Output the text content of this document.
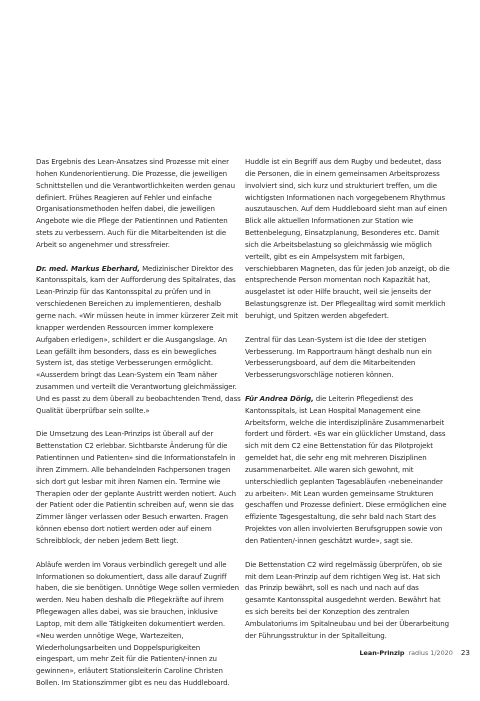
Das Ergebnis des Lean-Ansatzes sind Prozesse mit einer hohen Kundenorientierung. Die Prozesse, die jeweiligen Schnittstellen und die Verantwortlichkeiten werden genau definiert. Frühes Reagieren auf Fehler und einfache Organisationsmethoden helfen dabei, die jeweiligen Angebote wie die Pflege der Patientinnen und Patienten stets zu verbessern. Auch für die Mitarbeitenden ist die Arbeit so angenehmer und stressfreier.

Dr. med. Markus Eberhard, Medizinischer Direktor des Kantonsspitals, kam der Aufforderung des Spitalrates, das Lean-Prinzip für das Kantonsspital zu prüfen und in verschiedenen Bereichen zu implementieren, deshalb gerne nach. «Wir müssen heute in immer kürzerer Zeit mit knapper werdenden Ressourcen immer komplexere Aufgaben erledigen», schildert er die Ausgangslage. An Lean gefällt ihm besonders, dass es ein bewegliches System ist, das stetige Verbesserungen ermöglicht. «Ausserdem bringt das Lean-System ein Team näher zusammen und verteilt die Verantwortung gleichmässiger. Und es passt zu dem überall zu beobachtenden Trend, dass Qualität überprüfbar sein sollte.»

Die Umsetzung des Lean-Prinzips ist überall auf der Bettenstation C2 erlebbar. Sichtbarste Änderung für die Patientinnen und Patienten» sind die Informationstafeln in ihren Zimmern. Alle behandelnden Fachpersonen tragen sich dort gut lesbar mit ihren Namen ein. Termine wie Therapien oder der geplante Austritt werden notiert. Auch der Patient oder die Patientin schreiben auf, wenn sie das Zimmer länger verlassen oder Besuch erwarten. Fragen können ebenso dort notiert werden oder auf einem Schreibblock, der neben jedem Bett liegt.

Abläufe werden im Voraus verbindlich geregelt und alle Informationen so dokumentiert, dass alle darauf Zugriff haben, die sie benötigen. Unnötige Wege sollen vermieden werden. Neu haben deshalb die Pflegekräfte auf ihrem Pflegewagen alles dabei, was sie brauchen, inklusive Laptop, mit dem alle Tätigkeiten dokumentiert werden. «Neu werden unnötige Wege, Wartezeiten, Wiederholungsarbeiten und Doppelspurigkeiten eingespart, um mehr Zeit für die Patienten/-innen zu gewinnen», erläutert Stationsleiterin Caroline Christen Bollen. Im Stationszimmer gibt es neu das Huddleboard.

Huddle ist ein Begriff aus dem Rugby und bedeutet, dass die Personen, die in einem gemeinsamen Arbeitsprozess involviert sind, sich kurz und strukturiert treffen, um die wichtigsten Informationen nach vorgegebenem Rhythmus auszutauschen. Auf dem Huddleboard sieht man auf einen Blick alle aktuellen Informationen zur Station wie Bettenbelegung, Einsatzplanung, Besonderes etc. Damit sich die Arbeitsbelastung so gleichmässig wie möglich verteilt, gibt es ein Ampelsystem mit farbigen, verschiebbaren Magneten, das für jeden Job anzeigt, ob die entsprechende Person momentan noch Kapazität hat, ausgelastet ist oder Hilfe braucht, weil sie jenseits der Belastungsgrenze ist. Der Pflegealltag wird somit merklich beruhigt, und Spitzen werden abgefedert.

Zentral für das Lean-System ist die Idee der stetigen Verbesserung. Im Rapportraum hängt deshalb nun ein Verbesserungsboard, auf dem die Mitarbeitenden Verbesserungsvorschläge notieren können.

Für Andrea Dörig, die Leiterin Pflegedienst des Kantonsspitals, ist Lean Hospital Management eine Arbeitsform, welche die interdisziplinäre Zusammenarbeit fordert und fördert. «Es war ein glücklicher Umstand, dass sich mit dem C2 eine Bettenstation für das Pilotprojekt gemeldet hat, die sehr eng mit mehreren Disziplinen zusammenarbeitet. Alle waren sich gewohnt, mit unterschiedlich geplanten Tagesabläufen ‹nebeneinander zu arbeiten›. Mit Lean wurden gemeinsame Strukturen geschaffen und Prozesse definiert. Diese ermöglichen eine effiziente Tagesgestaltung, die sehr bald nach Start des Projektes von allen involvierten Berufsgruppen sowie von den Patienten/-innen geschätzt wurde», sagt sie.

Die Bettenstation C2 wird regelmässig überprüfen, ob sie mit dem Lean-Prinzip auf dem richtigen Weg ist. Hat sich das Prinzip bewährt, soll es nach und nach auf das gesamte Kantonsspital ausgedehnt werden. Bewährt hat es sich bereits bei der Konzeption des zentralen Ambulatoriums im Spitalneubau und bei der Überarbeitung der Führungsstruktur in der Spitalleitung.

Lean-Prinzip radius 1/2020 23
